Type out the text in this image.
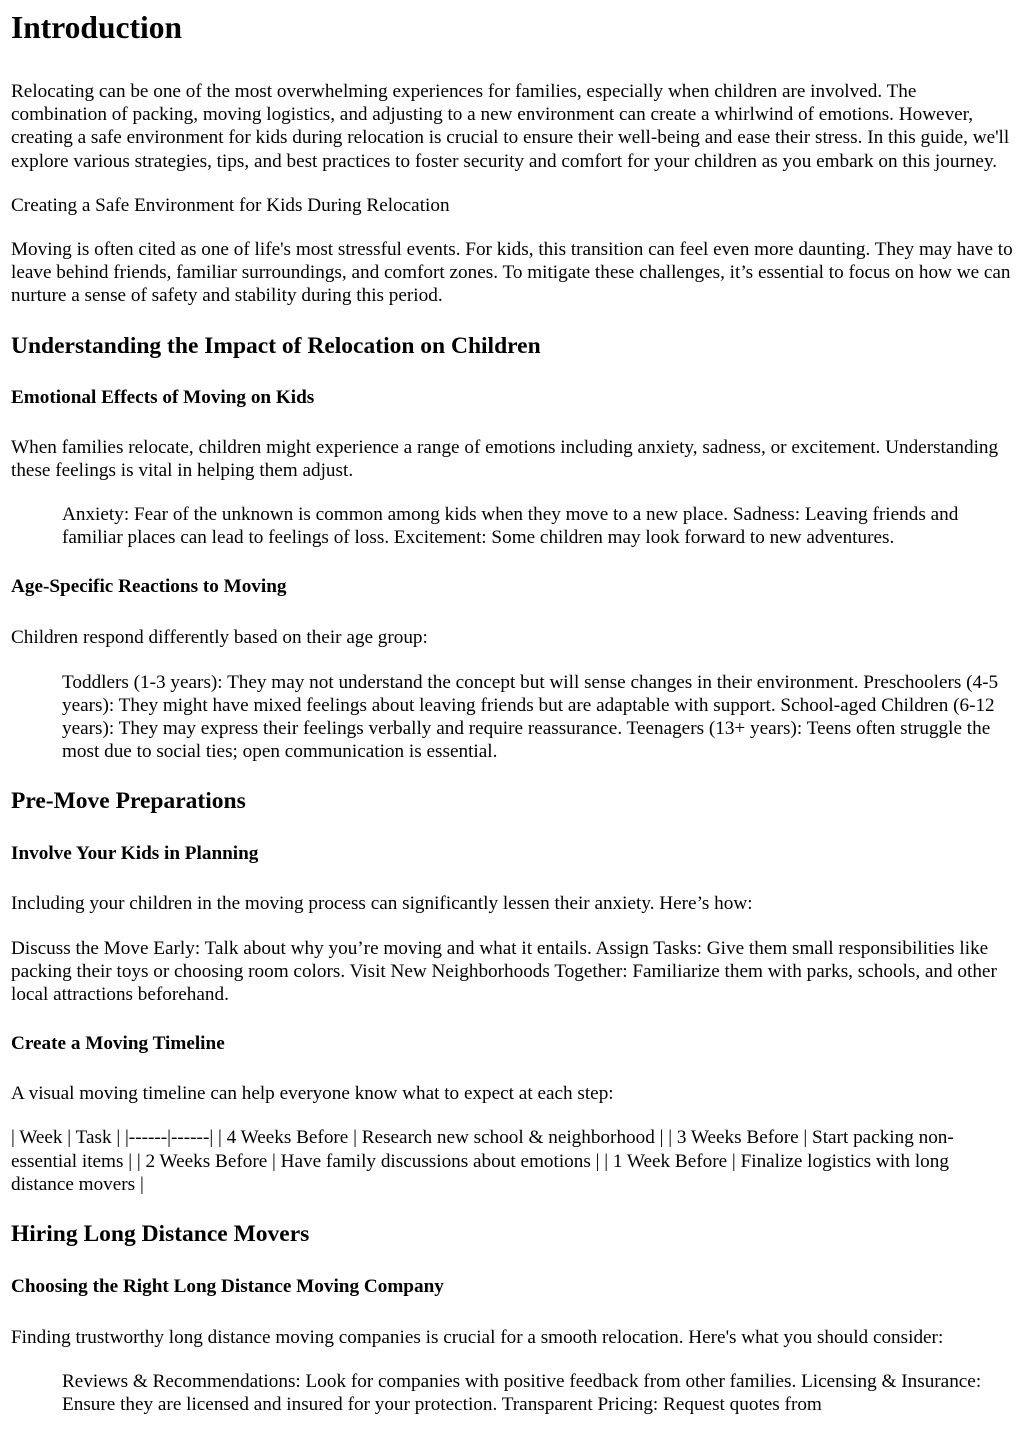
Introduction

Relocating can be one of the most overwhelming experiences for families, especially when children are involved. The combination of packing, moving logistics, and adjusting to a new environment can create a whirlwind of emotions. However, creating a safe environment for kids during relocation is crucial to ensure their well-being and ease their stress. In this guide, we'll explore various strategies, tips, and best practices to foster security and comfort for your children as you embark on this journey.

Creating a Safe Environment for Kids During Relocation

Moving is often cited as one of life's most stressful events. For kids, this transition can feel even more daunting. They may have to leave behind friends, familiar surroundings, and comfort zones. To mitigate these challenges, it’s essential to focus on how we can nurture a sense of safety and stability during this period.

Understanding the Impact of Relocation on Children
Emotional Effects of Moving on Kids

When families relocate, children might experience a range of emotions including anxiety, sadness, or excitement. Understanding these feelings is vital in helping them adjust.

Anxiety: Fear of the unknown is common among kids when they move to a new place. Sadness: Leaving friends and familiar places can lead to feelings of loss. Excitement: Some children may look forward to new adventures.
Age-Specific Reactions to Moving

Children respond differently based on their age group:

Toddlers (1-3 years): They may not understand the concept but will sense changes in their environment. Preschoolers (4-5 years): They might have mixed feelings about leaving friends but are adaptable with support. School-aged Children (6-12 years): They may express their feelings verbally and require reassurance. Teenagers (13+ years): Teens often struggle the most due to social ties; open communication is essential.
Pre-Move Preparations
Involve Your Kids in Planning

Including your children in the moving process can significantly lessen their anxiety. Here’s how:

Discuss the Move Early: Talk about why you’re moving and what it entails. Assign Tasks: Give them small responsibilities like packing their toys or choosing room colors. Visit New Neighborhoods Together: Familiarize them with parks, schools, and other local attractions beforehand.

Create a Moving Timeline

A visual moving timeline can help everyone know what to expect at each step:

| Week | Task | |------|------| | 4 Weeks Before | Research new school & neighborhood | | 3 Weeks Before | Start packing non-essential items | | 2 Weeks Before | Have family discussions about emotions | | 1 Week Before | Finalize logistics with long distance movers |

Hiring Long Distance Movers
Choosing the Right Long Distance Moving Company

Finding trustworthy long distance moving companies is crucial for a smooth relocation. Here's what you should consider:

Reviews & Recommendations: Look for companies with positive feedback from other families. Licensing & Insurance: Ensure they are licensed and insured for your protection. Transparent Pricing: Request quotes from
